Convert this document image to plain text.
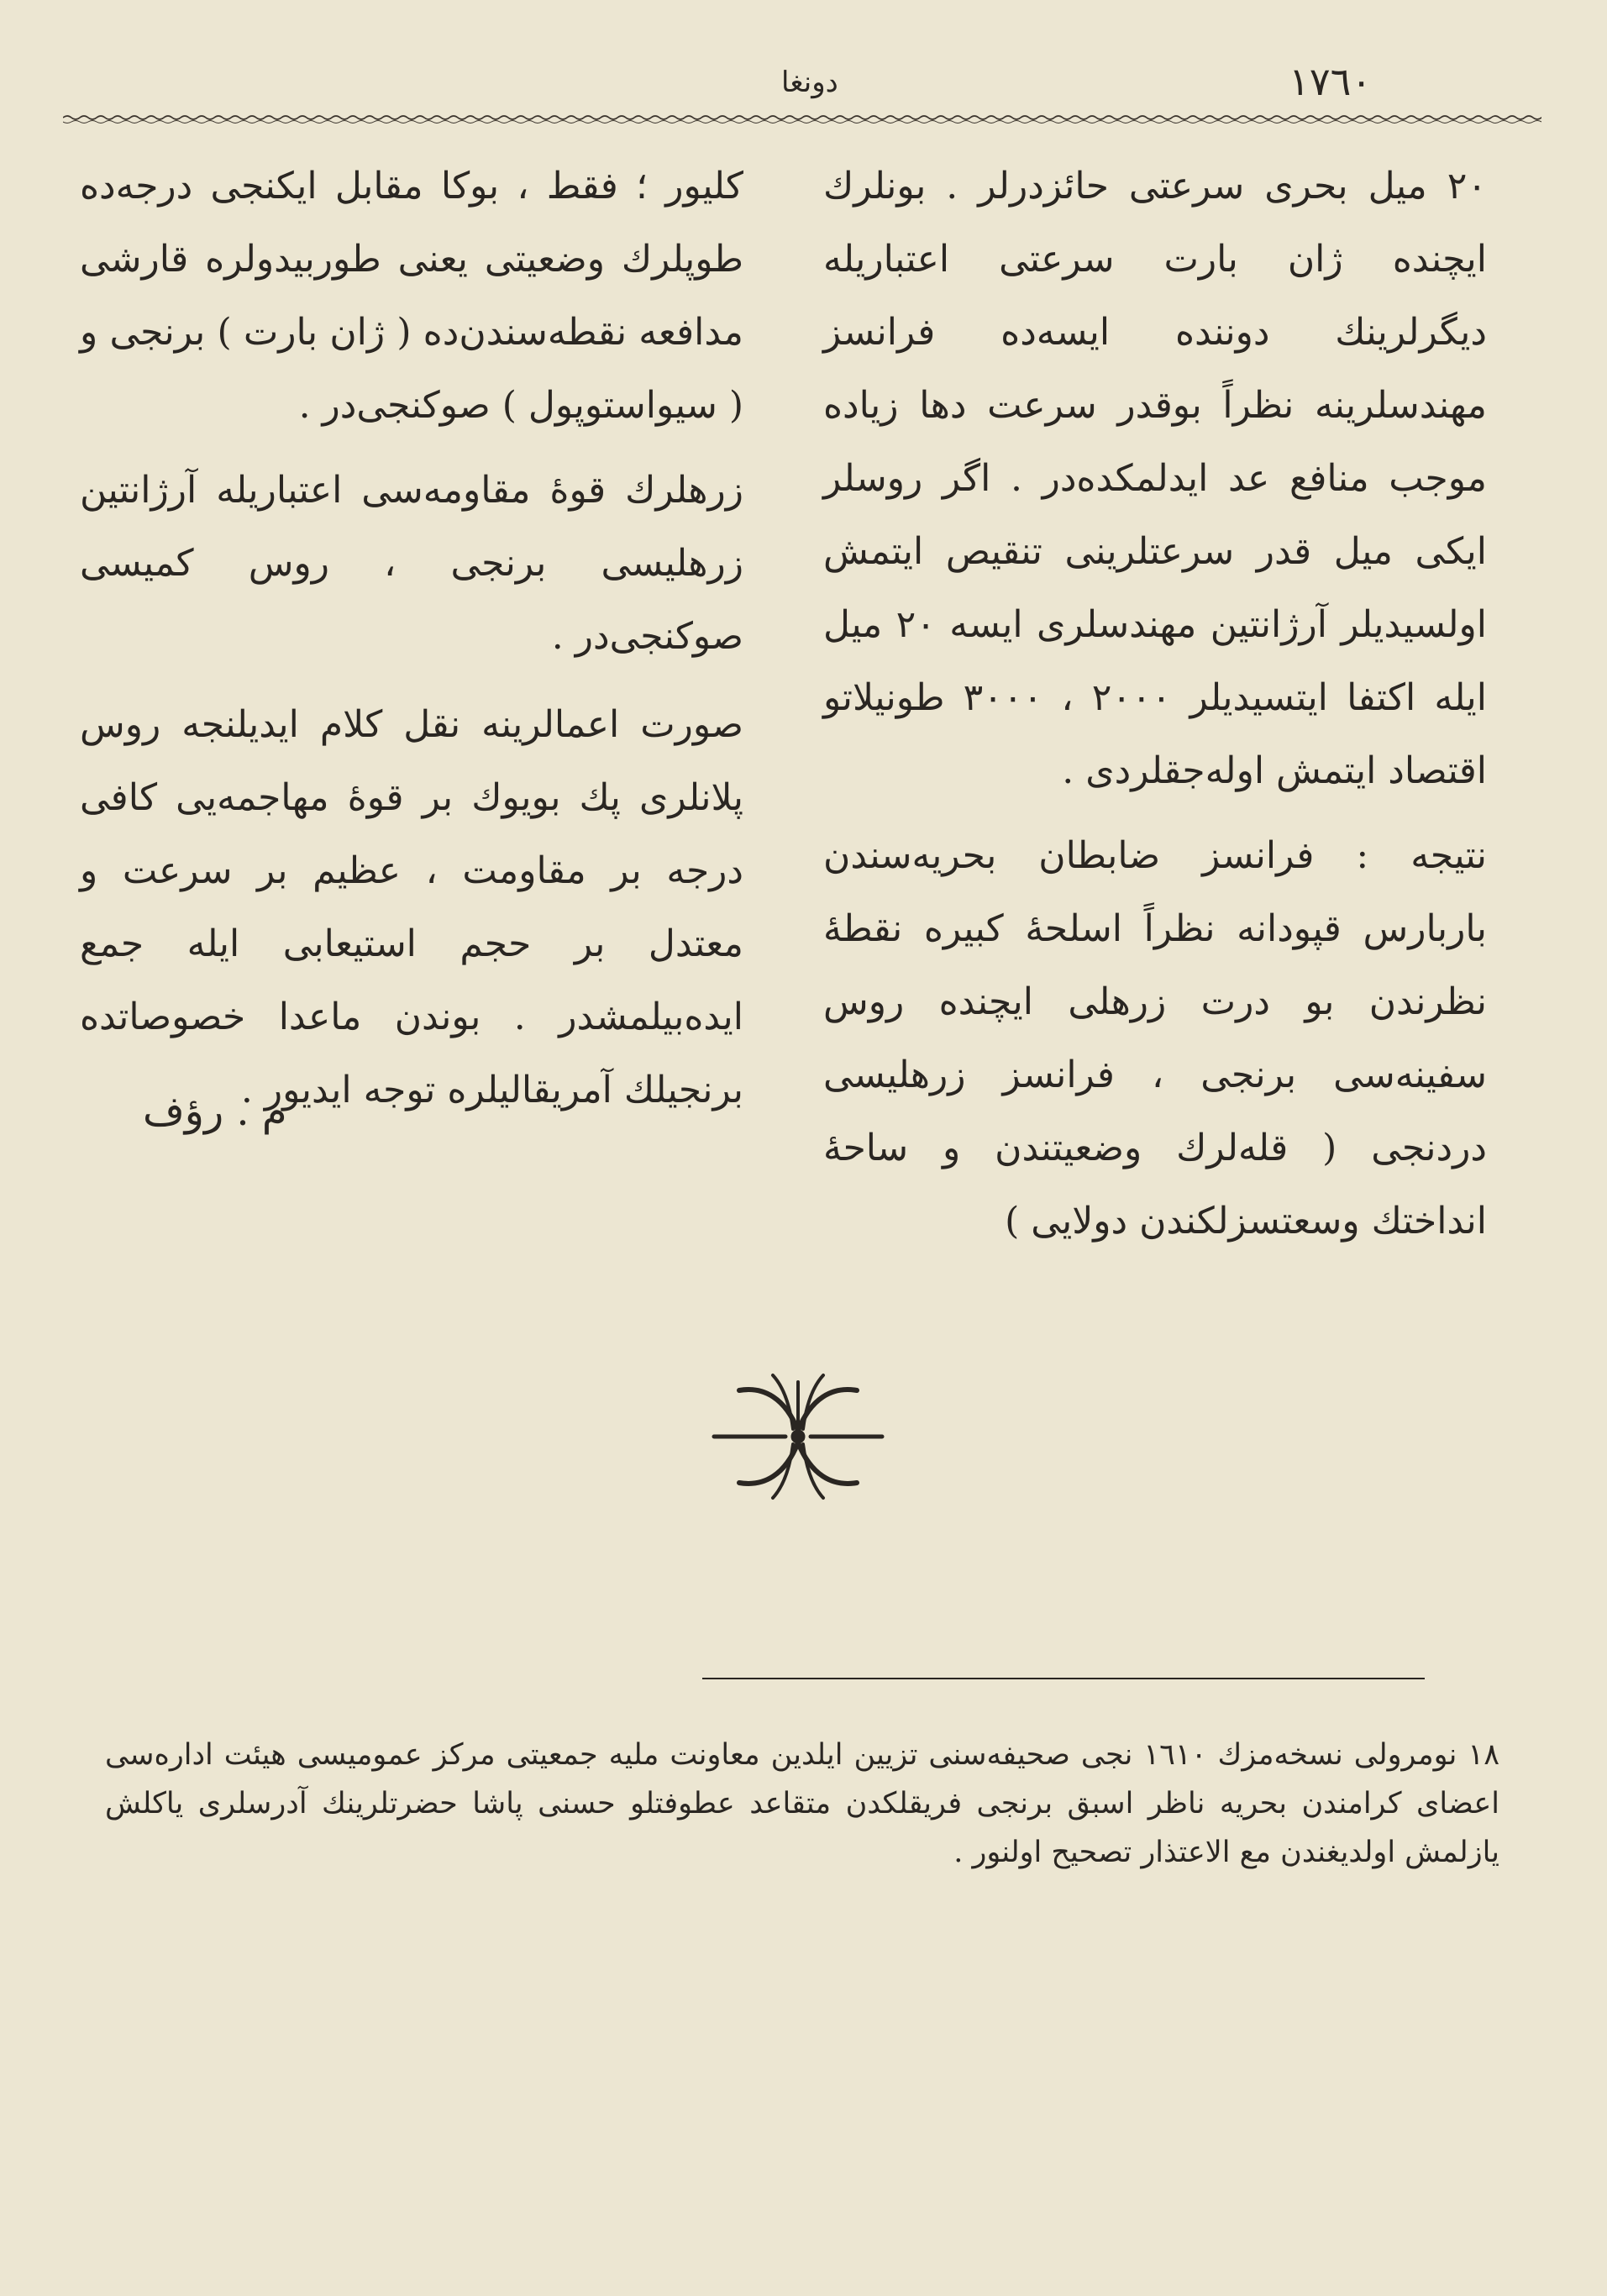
١٧٦٠
دونغا

٢٠ ميل بحری سرعتی حائزدرلر . بونلرك ایچنده ژان بارت سرعتی اعتباریله دیگرلرینك دوننده ایسه‌ده فرانسز مهندسلرینه نظراً بوقدر سرعت دها زیاده موجب منافع عد ایدلمکده‌در . اگر روسلر ایکی میل قدر سرعتلرینی تنقیص ایتمش اولسیدیلر آرژانتین مهندسلری ایسه ٢٠ میل ایله اکتفا ایتسیدیلر ٢٠٠٠ ، ٣٠٠٠ طونیلاتو اقتصاد ایتمش اوله‌جقلردی .

نتیجه : فرانسز ضابطان بحریه‌سندن باربارس قپودانه نظراً اسلحهٔ کبیره نقطهٔ نظرندن بو درت زرهلی ایچنده روس سفینه‌سی برنجی ، فرانسز زرهلیسی دردنجی ( قله‌لرك وضعیتندن و ساحهٔ انداختك وسعتسزلکندن دولایی )

کلیور ؛ فقط ، بوکا مقابل ایکنجی درجه‌ده طوپلرك وضعیتی یعنی طوربیدولره قارشی مدافعه نقطه‌سندن‌ده ( ژان بارت ) برنجی و ( سیواستوپول ) صوکنجی‌در .

زرهلرك قوهٔ مقاومه‌سی اعتباریله آرژانتین زرهلیسی برنجی ، روس کمیسی صوکنجی‌در .

صورت اعمالرینه نقل کلام ایدیلنجه روس پلانلری پك بویوك بر قوهٔ مهاجمه‌یی کافی درجه بر مقاومت ، عظیم بر سرعت و معتدل بر حجم استیعابی ایله جمع ایده‌بیلمشدر . بوندن ماعدا خصوصاتده برنجیلك آمریقالیلره توجه ایدیور .

م . رؤف

١٨ نومرولی نسخه‌مزك ١٦١٠ نجی صحیفه‌سنی تزیین ایلدین معاونت ملیه جمعیتی مرکز عمومیسی هیئت اداره‌سی اعضای کرامندن بحریه ناظر اسبق برنجی فریقلکدن متقاعد عطوفتلو حسنی پاشا حضرتلرینك آدرسلری یاکلش یازلمش اولدیغندن مع الاعتذار تصحیح اولنور .
